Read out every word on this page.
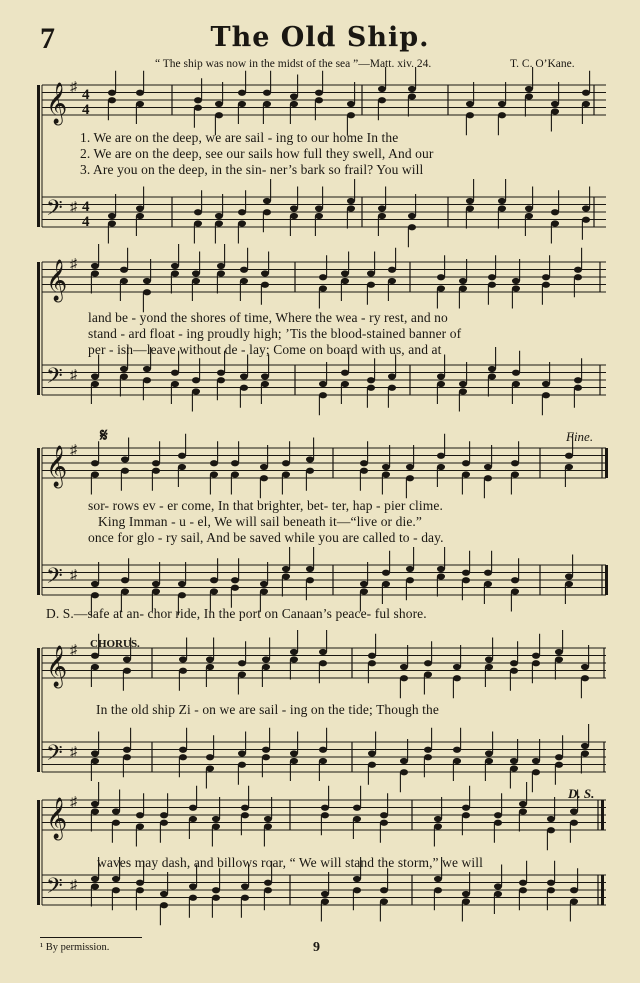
𝄞
𝄢
♯
♯
4
4
4
4
𝄞
𝄢
♯
♯
𝄞
𝄢
♯
♯
𝄞
𝄢
♯
♯
𝄞
𝄢
♯
♯
7	The Old Ship.
“ The ship was now in the midst of the sea ”—Matt. xiv. 24.	T. C. O’Kane.
1. We are on the deep, we are sail - ing to our home In the
2. We are on the deep, see our sails how full they swell, And our
3. Are you on the deep, in the sin- ner’s bark so frail? You will
land be - yond the shores of time, Where the wea - ry rest, and no
stand - ard float - ing proudly high; ’Tis the blood-stained banner of
per - ish—leave without de - lay; Come on board with us, and at
𝄋	Fine.
sor- rows ev - er come, In that brighter, bet- ter, hap - pier clime.
King Imman - u - el, We will sail beneath it—“live or die.”
once for glo - ry sail, And be saved while you are called to - day.
D. S.—safe at an- chor ride, In the port on Canaan’s peace- ful shore.
CHORUS.
In the old ship Zi - on we are sail - ing on the tide; Though the
D. S.
waves may dash, and billows roar, “ We will stand the storm,” we will
¹ By permission.	9
